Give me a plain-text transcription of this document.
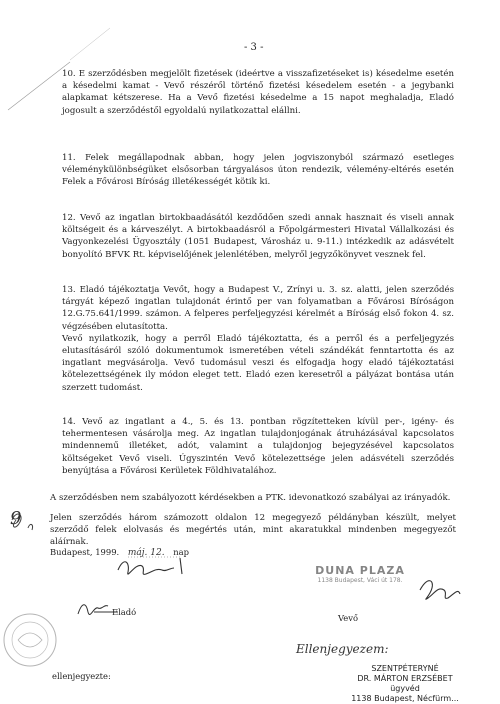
- 3 -

10. E szerződésben megjelölt fizetések (ideértve a visszafizetéseket is) késedelme esetén a késedelmi kamat - Vevő részéről történő fizetési késedelem esetén - a jegybanki alapkamat kétszerese. Ha a Vevő fizetési késedelme a 15 napot meghaladja, Eladó jogosult a szerződéstől egyoldalú nyilatkozattal elállni.

11. Felek megállapodnak abban, hogy jelen jogviszonyból származó esetleges véleménykülönbségüket elsősorban tárgyalásos úton rendezik, vélemény-eltérés esetén Felek a Fővárosi Bíróság illetékességét kötik ki.

12. Vevő az ingatlan birtokbaadásától kezdődően szedi annak hasznait és viseli annak költségeit és a kárveszélyt. A birtokbaadásról a Főpolgármesteri Hivatal Vállalkozási és Vagyonkezelési Ügyosztály (1051 Budapest, Városház u. 9-11.) intézkedik az adásvételt bonyolító BFVK Rt. képviselőjének jelenlétében, melyről jegyzőkönyvet vesznek fel.

13. Eladó tájékoztatja Vevőt, hogy a Budapest V., Zrínyi u. 3. sz. alatti, jelen szerződés tárgyát képező ingatlan tulajdonát érintő per van folyamatban a Fővárosi Bíróságon 12.G.75.641/1999. számon. A felperes perfeljegyzési kérelmét a Bíróság első fokon 4. sz. végzésében elutasította.

Vevő nyilatkozik, hogy a perről Eladó tájékoztatta, és a perről és a perfeljegyzés elutasításáról szóló dokumentumok ismeretében vételi szándékát fenntartotta és az ingatlant megvásárolja. Vevő tudomásul veszi és elfogadja hogy eladó tájékoztatási kötelezettségének ily módon eleget tett. Eladó ezen keresetről a pályázat bontása után szerzett tudomást.

14. Vevő az ingatlant a 4., 5. és 13. pontban rögzítetteken kívül per-, igény- és tehermentesen vásárolja meg. Az ingatlan tulajdonjogának átruházásával kapcsolatos mindennemű illetéket, adót, valamint a tulajdonjog bejegyzésével kapcsolatos költségeket Vevő viseli. Úgyszintén Vevő kötelezettsége jelen adásvételi szerződés benyújtása a Fővárosi Kerületek Földhivatalához.

A szerződésben nem szabályozott kérdésekben a PTK. idevonatkozó szabályai az irányadók.
Jelen szerződés három számozott oldalon 12 megegyező példányban készült, melyet szerződő felek elolvasás és megértés után, mint akaratukkal mindenben megegyezőt aláírnak.
Budapest, 1999. máj. 12. nap
Eladó
Vevő
ellenjegyezte:
9
Ellenjegyezem:
DUNA PLAZA
1138 Budapest, Váci út 178.
SZENTPÉTERYNÉ
DR. MÁRTON ERZSÉBET
ügyvéd
1138 Budapest, Nécfürm...
